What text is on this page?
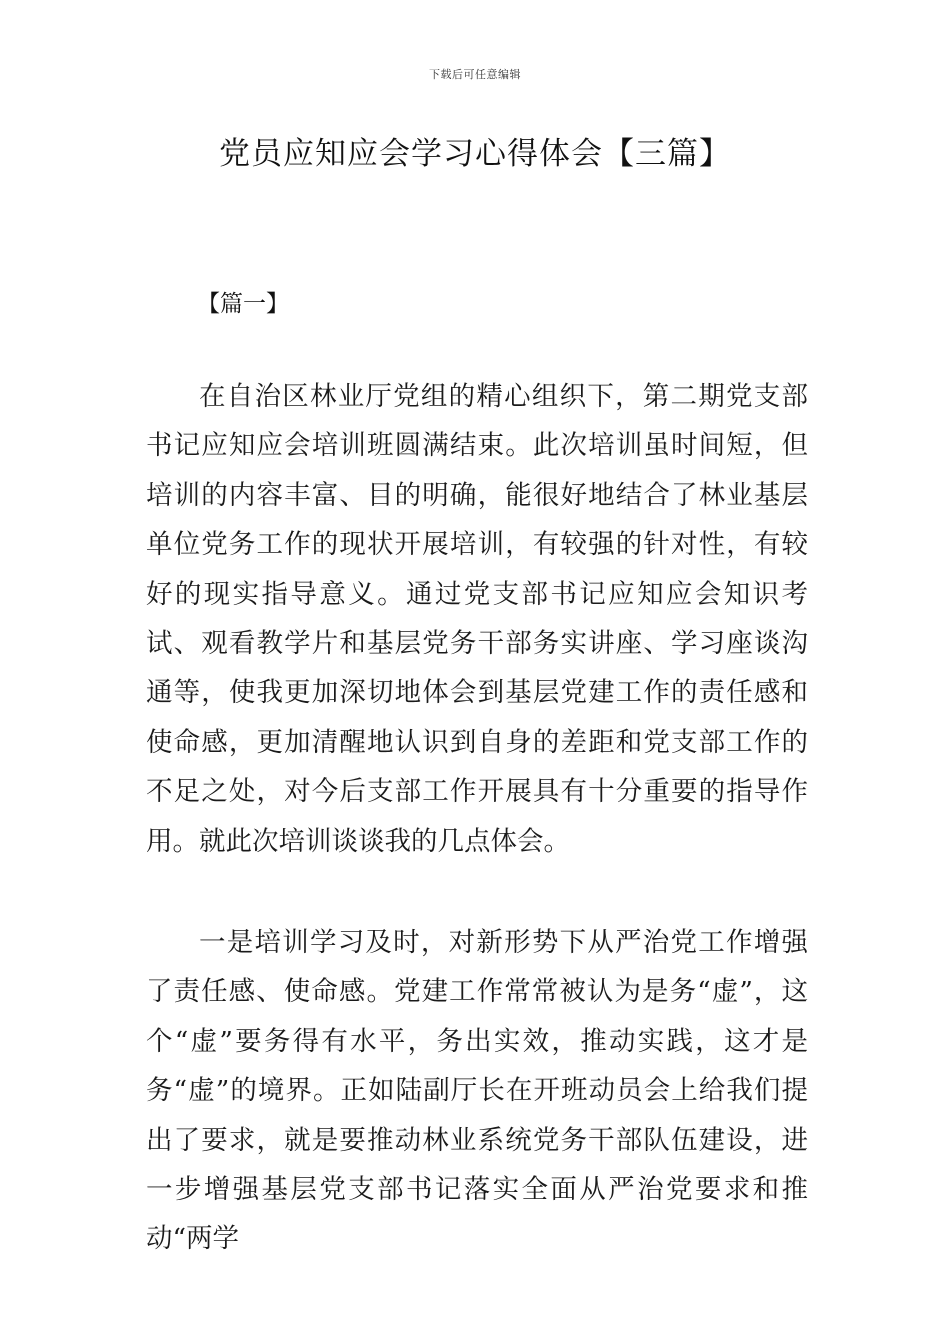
下载后可任意编辑
党员应知应会学习心得体会【三篇】
【篇一】

在自治区林业厅党组的精心组织下，第二期党支部书记应知应会培训班圆满结束。此次培训虽时间短，但培训的内容丰富、目的明确，能很好地结合了林业基层单位党务工作的现状开展培训，有较强的针对性，有较好的现实指导意义。通过党支部书记应知应会知识考试、观看教学片和基层党务干部务实讲座、学习座谈沟通等，使我更加深切地体会到基层党建工作的责任感和使命感，更加清醒地认识到自身的差距和党支部工作的不足之处，对今后支部工作开展具有十分重要的指导作用。就此次培训谈谈我的几点体会。

一是培训学习及时，对新形势下从严治党工作增强了责任感、使命感。党建工作常常被认为是务“虚”，这个“虚”要务得有水平，务出实效，推动实践，这才是务“虚”的境界。正如陆副厅长在开班动员会上给我们提出了要求，就是要推动林业系统党务干部队伍建设，进一步增强基层党支部书记落实全面从严治党要求和推动“两学
